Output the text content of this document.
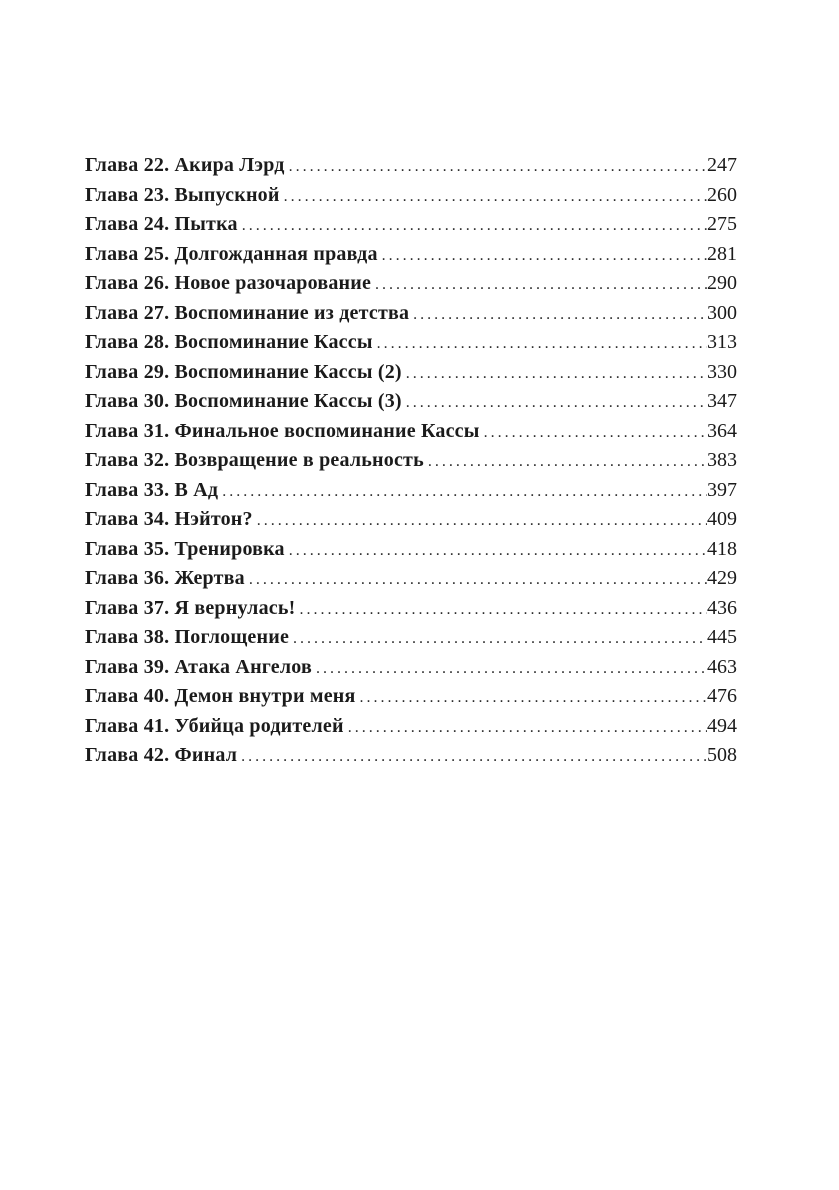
Глава 22. Акира Лэрд . . .	247
Глава 23. Выпускной . . .	260
Глава 24. Пытка . . .	275
Глава 25. Долгожданная правда . . .	281
Глава 26. Новое разочарование . . .	290
Глава 27. Воспоминание из детства . . .	300
Глава 28. Воспоминание Кассы . . .	313
Глава 29. Воспоминание Кассы (2) . . .	330
Глава 30. Воспоминание Кассы (3) . . .	347
Глава 31. Финальное воспоминание Кассы . . .	364
Глава 32. Возвращение в реальность . . .	383
Глава 33. В Ад . . .	397
Глава 34. Нэйтон? . . .	409
Глава 35. Тренировка . . .	418
Глава 36. Жертва . . .	429
Глава 37. Я вернулась! . . .	436
Глава 38. Поглощение . . .	445
Глава 39. Атака Ангелов . . .	463
Глава 40. Демон внутри меня . . .	476
Глава 41. Убийца родителей . . .	494
Глава 42. Финал . . .	508
